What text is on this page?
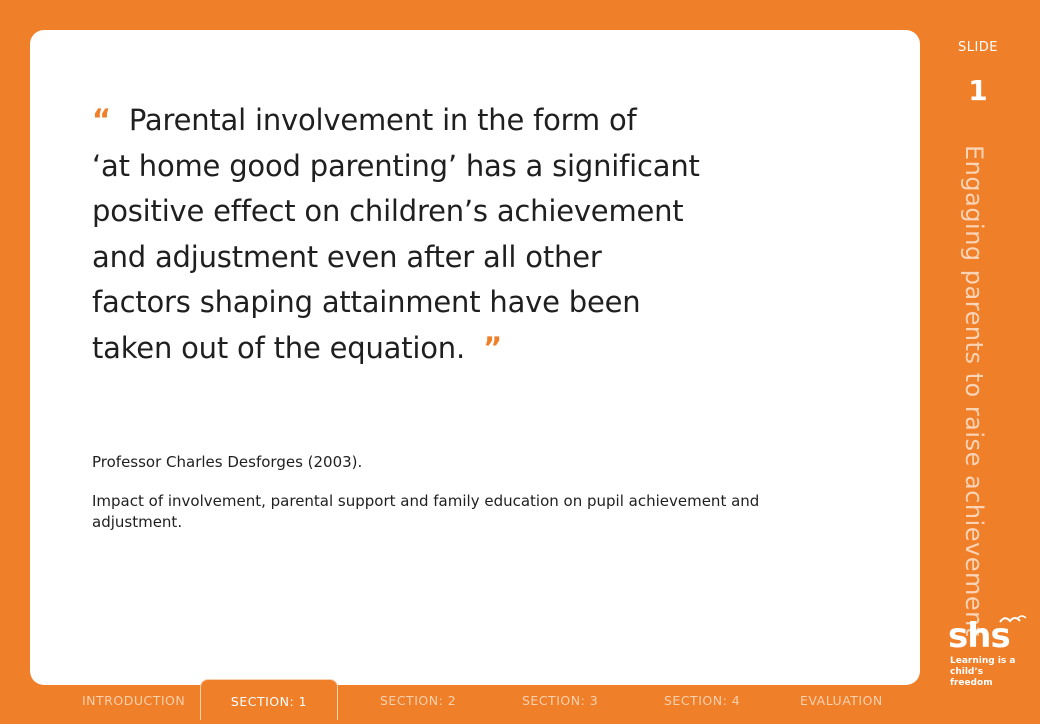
“ Parental involvement in the form of
‘at home good parenting’ has a significant
positive effect on children’s achievement
and adjustment even after all other
factors shaping attainment have been
taken out of the equation. ”

Professor Charles Desforges (2003).

Impact of involvement, parental support and family education on pupil achievement and adjustment.

SLIDE
1
Engaging parents to raise achievement
shs
Learning is a child’s freedom
INTRODUCTION	SECTION: 1	SECTION: 2	SECTION: 3	SECTION: 4	EVALUATION
